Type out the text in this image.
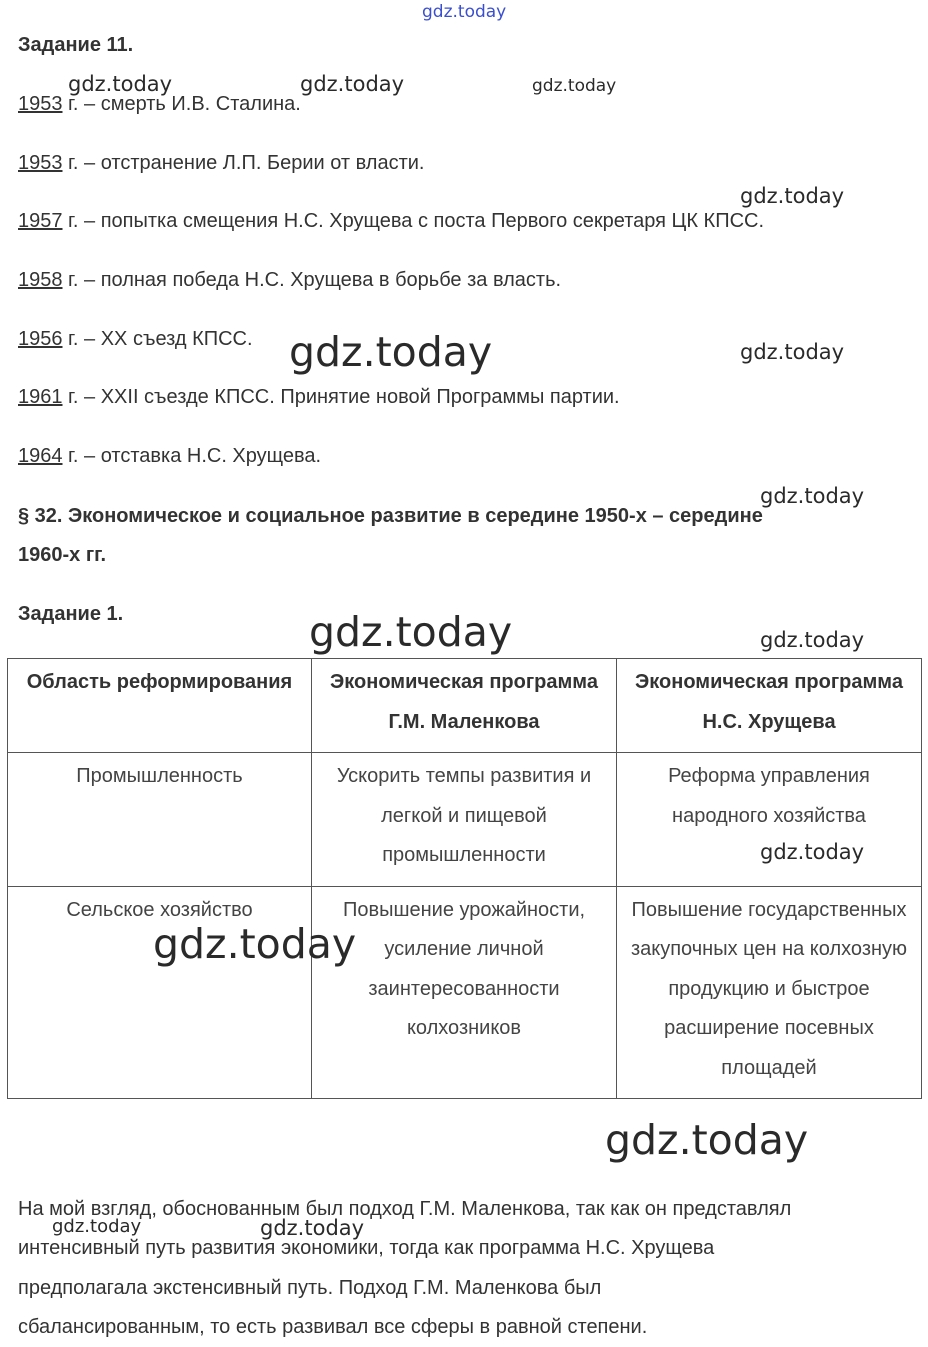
gdz.today
Задание 11.
1953 г. – смерть И.В. Сталина.
1953 г. – отстранение Л.П. Берии от власти.
1957 г. – попытка смещения Н.С. Хрущева с поста Первого секретаря ЦК КПСС.
1958 г. – полная победа Н.С. Хрущева в борьбе за власть.
1956 г. – XX съезд КПСС.
1961 г. – XXII съезде КПСС. Принятие новой Программы партии.
1964 г. – отставка Н.С. Хрущева.
§ 32. Экономическое и социальное развитие в середине 1950-х – середине
1960-х гг.
Задание 1.
Область реформирования	Экономическая программа Г.М. Маленкова	Экономическая программа Н.С. Хрущева
Промышленность	Ускорить темпы развития и легкой и пищевой промышленности	Реформа управления народного хозяйства
Сельское хозяйство	Повышение урожайности, усиление личной заинтересованности колхозников	Повышение государственных закупочных цен на колхозную продукцию и быстрое расширение посевных площадей
На мой взгляд, обоснованным был подход Г.М. Маленкова, так как он представлял
интенсивный путь развития экономики, тогда как программа Н.С. Хрущева
предполагала экстенсивный путь. Подход Г.М. Маленкова был
сбалансированным, то есть развивал все сферы в равной степени.
gdz.today	gdz.today	gdz.today
gdz.today
gdz.today	gdz.today
gdz.today
gdz.today	gdz.today
gdz.today
gdz.today
gdz.today
gdz.today	gdz.today
